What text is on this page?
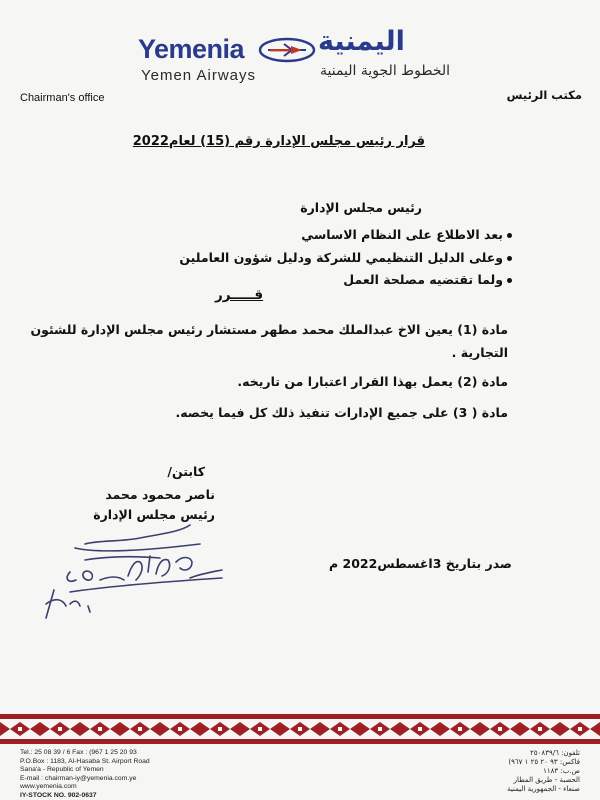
Yemenia
Yemen Airways
اليمنية
الخطوط الجوية اليمنية
Chairman's office	مكتب الرئيس
قرار رئيس مجلس الإدارة رقم (15) لعام2022
رئيس مجلس الإدارة
بعد الاطلاع على النظام الاساسي
وعلى الدليل التنظيمي للشركة ودليل شؤون العاملين
ولما تقتضيه مصلحة العمل
قـــــرر
مادة (1) يعين الاخ عبدالملك محمد مطهر مستشار رئيس مجلس الإدارة للشئون
التجارية .
مادة (2) يعمل بهذا القرار اعتبارا من تاريخه.
مادة ( 3) على جميع الإدارات تنفيذ ذلك كل فيما يخصه.
كابتن/
ناصر محمود محمد
رئيس مجلس الإدارة
صدر بتاريخ 3اغسطس2022 م
Tel.: 25 08 39 / 6 Fax : (967 1 25 20 93
P.O.Box : 1183, Al-Hasaba St. Airport Road
Sana'a - Republic of Yemen
E-mail : chairman-iy@yemenia.com.ye
www.yemenia.com
IY-STOCK NO. 902-0637
تلفون: ٢٥٠٨٣٩/٦
فاكس: ٩٣ ٢٠ ٢٥ ١ ٩٦٧)
ص.ب: ١١٨٣
الحصبة - طريق المطار
صنعاء - الجمهورية اليمنية
